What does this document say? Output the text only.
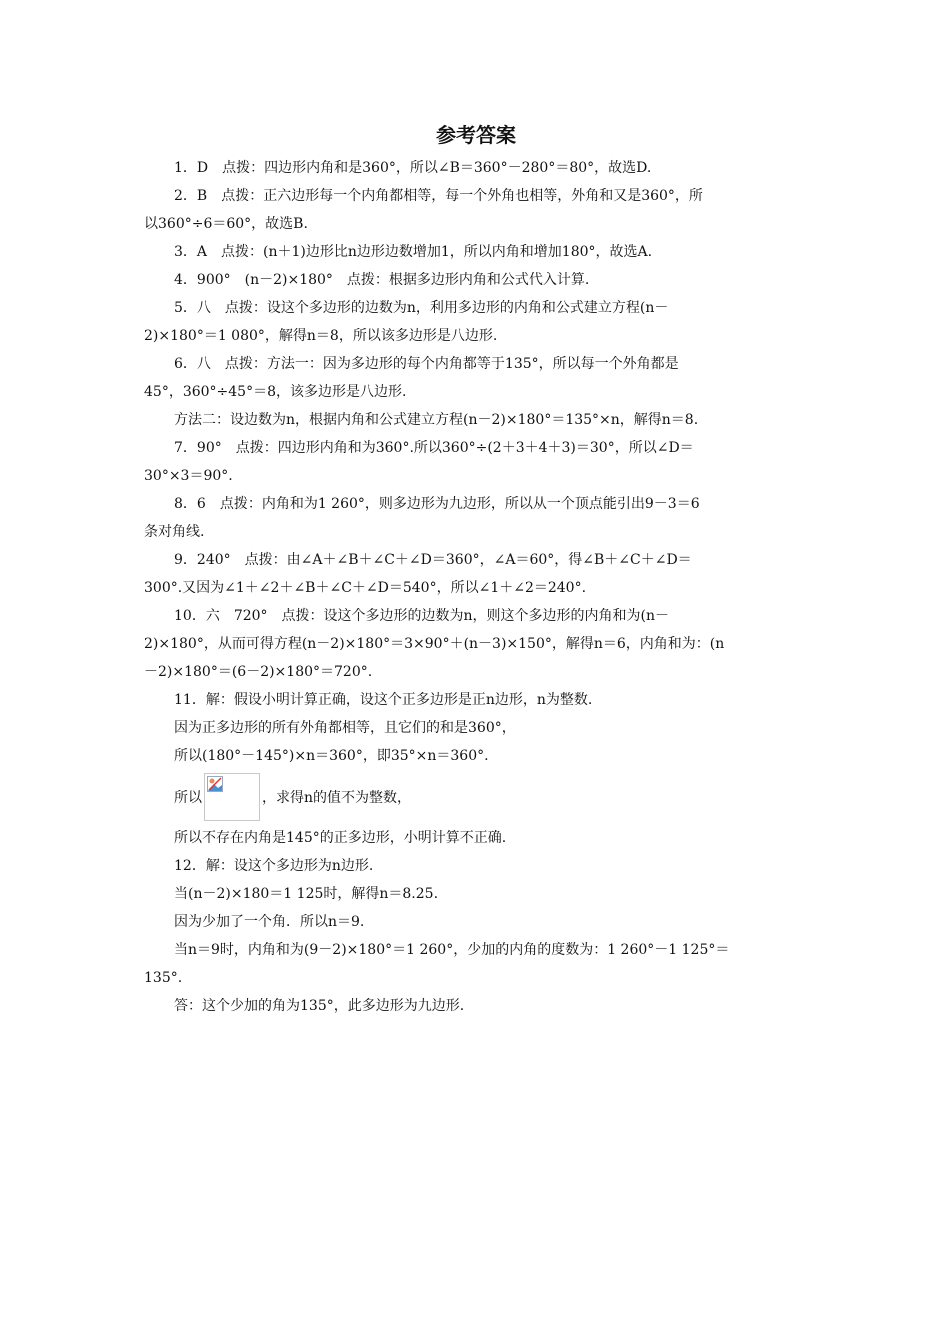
参考答案
1．D　点拨：四边形内角和是360°，所以∠B＝360°－280°＝80°，故选D.
2．B　点拨：正六边形每一个内角都相等，每一个外角也相等，外角和又是360°，所
以360°÷6＝60°，故选B.
3．A　点拨：(n＋1)边形比n边形边数增加1，所以内角和增加180°，故选A.
4．900°　(n－2)×180°　点拨：根据多边形内角和公式代入计算.
5．八　点拨：设这个多边形的边数为n，利用多边形的内角和公式建立方程(n－
2)×180°＝1 080°，解得n＝8，所以该多边形是八边形.
6．八　点拨：方法一：因为多边形的每个内角都等于135°，所以每一个外角都是
45°，360°÷45°＝8，该多边形是八边形.
方法二：设边数为n，根据内角和公式建立方程(n－2)×180°＝135°×n，解得n＝8.
7．90°　点拨：四边形内角和为360°.所以360°÷(2＋3＋4＋3)＝30°，所以∠D＝
30°×3＝90°.
8．6　点拨：内角和为1 260°，则多边形为九边形，所以从一个顶点能引出9－3＝6
条对角线.
9．240°　点拨：由∠A＋∠B＋∠C＋∠D＝360°，∠A＝60°，得∠B＋∠C＋∠D＝
300°.又因为∠1＋∠2＋∠B＋∠C＋∠D＝540°，所以∠1＋∠2＝240°.
10．六　720°　点拨：设这个多边形的边数为n，则这个多边形的内角和为(n－
2)×180°，从而可得方程(n－2)×180°＝3×90°＋(n－3)×150°，解得n＝6，内角和为：(n
－2)×180°＝(6－2)×180°＝720°.
11．解：假设小明计算正确，设这个正多边形是正n边形，n为整数.
因为正多边形的所有外角都相等，且它们的和是360°，
所以(180°－145°)×n＝360°，即35°×n＝360°.
所以	，求得n的值不为整数，
所以不存在内角是145°的正多边形，小明计算不正确.
12．解：设这个多边形为n边形.
当(n－2)×180＝1 125时，解得n＝8.25.
因为少加了一个角．所以n＝9.
当n＝9时，内角和为(9－2)×180°＝1 260°，少加的内角的度数为：1 260°－1 125°＝
135°.
答：这个少加的角为135°，此多边形为九边形.
